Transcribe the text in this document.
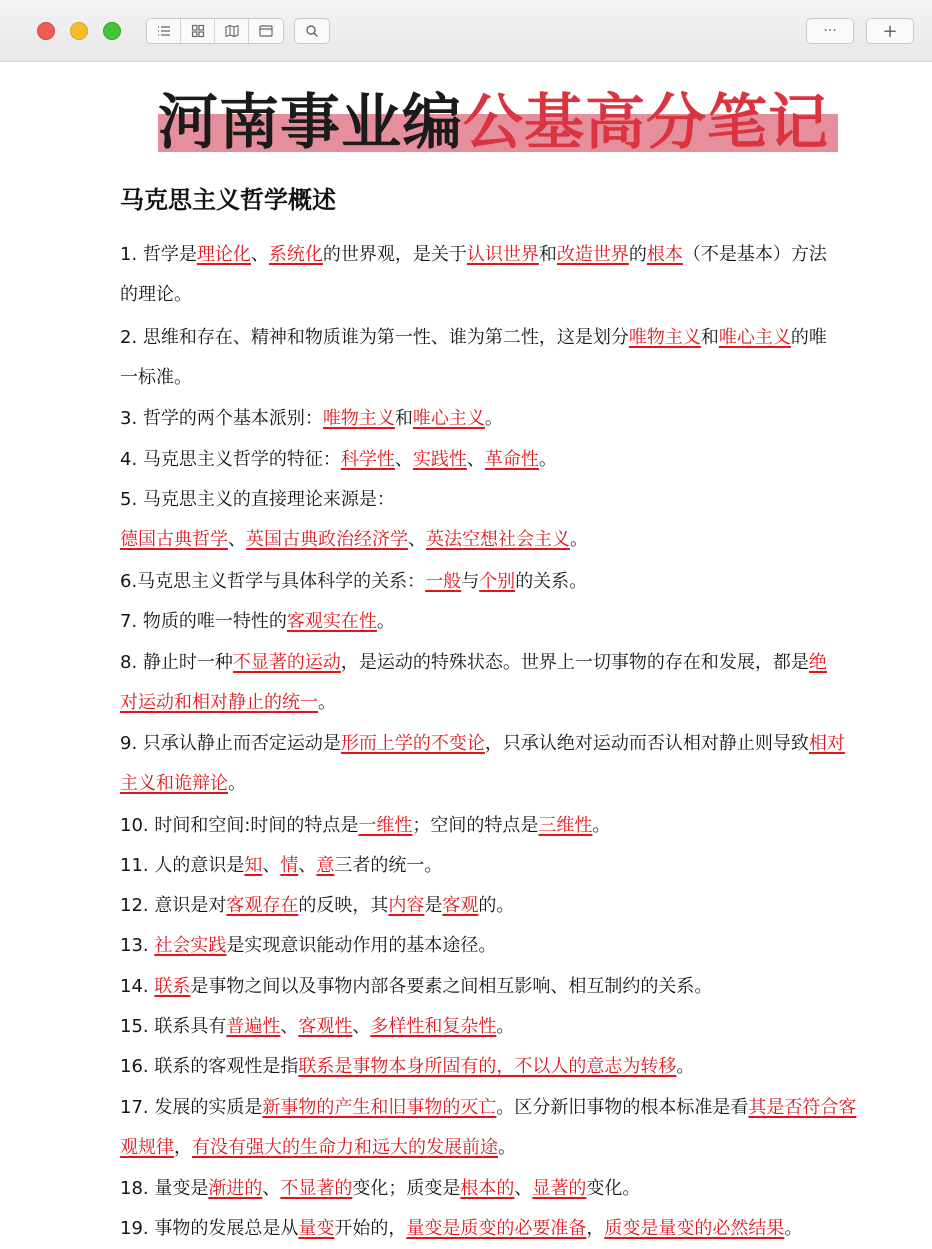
···	+
河南事业编公基高分笔记
马克思主义哲学概述
1. 哲学是理论化、系统化的世界观，是关于认识世界和改造世界的根本（不是基本）方法
的理论。
2. 思维和存在、精神和物质谁为第一性、谁为第二性，这是划分唯物主义和唯心主义的唯
一标准。
3. 哲学的两个基本派别：唯物主义和唯心主义。
4. 马克思主义哲学的特征：科学性、实践性、革命性。
5. 马克思主义的直接理论来源是：
德国古典哲学、英国古典政治经济学、英法空想社会主义。
6.马克思主义哲学与具体科学的关系：一般与个别的关系。
7. 物质的唯一特性的客观实在性。
8. 静止时一种不显著的运动，是运动的特殊状态。世界上一切事物的存在和发展，都是绝
对运动和相对静止的统一。
9. 只承认静止而否定运动是形而上学的不变论，只承认绝对运动而否认相对静止则导致相对
主义和诡辩论。
10. 时间和空间:时间的特点是一维性；空间的特点是三维性。
11. 人的意识是知、情、意三者的统一。
12. 意识是对客观存在的反映，其内容是客观的。
13. 社会实践是实现意识能动作用的基本途径。
14. 联系是事物之间以及事物内部各要素之间相互影响、相互制约的关系。
15. 联系具有普遍性、客观性、多样性和复杂性。
16. 联系的客观性是指联系是事物本身所固有的，不以人的意志为转移。
17. 发展的实质是新事物的产生和旧事物的灭亡。区分新旧事物的根本标准是看其是否符合客
观规律，有没有强大的生命力和远大的发展前途。
18. 量变是渐进的、不显著的变化；质变是根本的、显著的变化。
19. 事物的发展总是从量变开始的，量变是质变的必要准备，质变是量变的必然结果。
